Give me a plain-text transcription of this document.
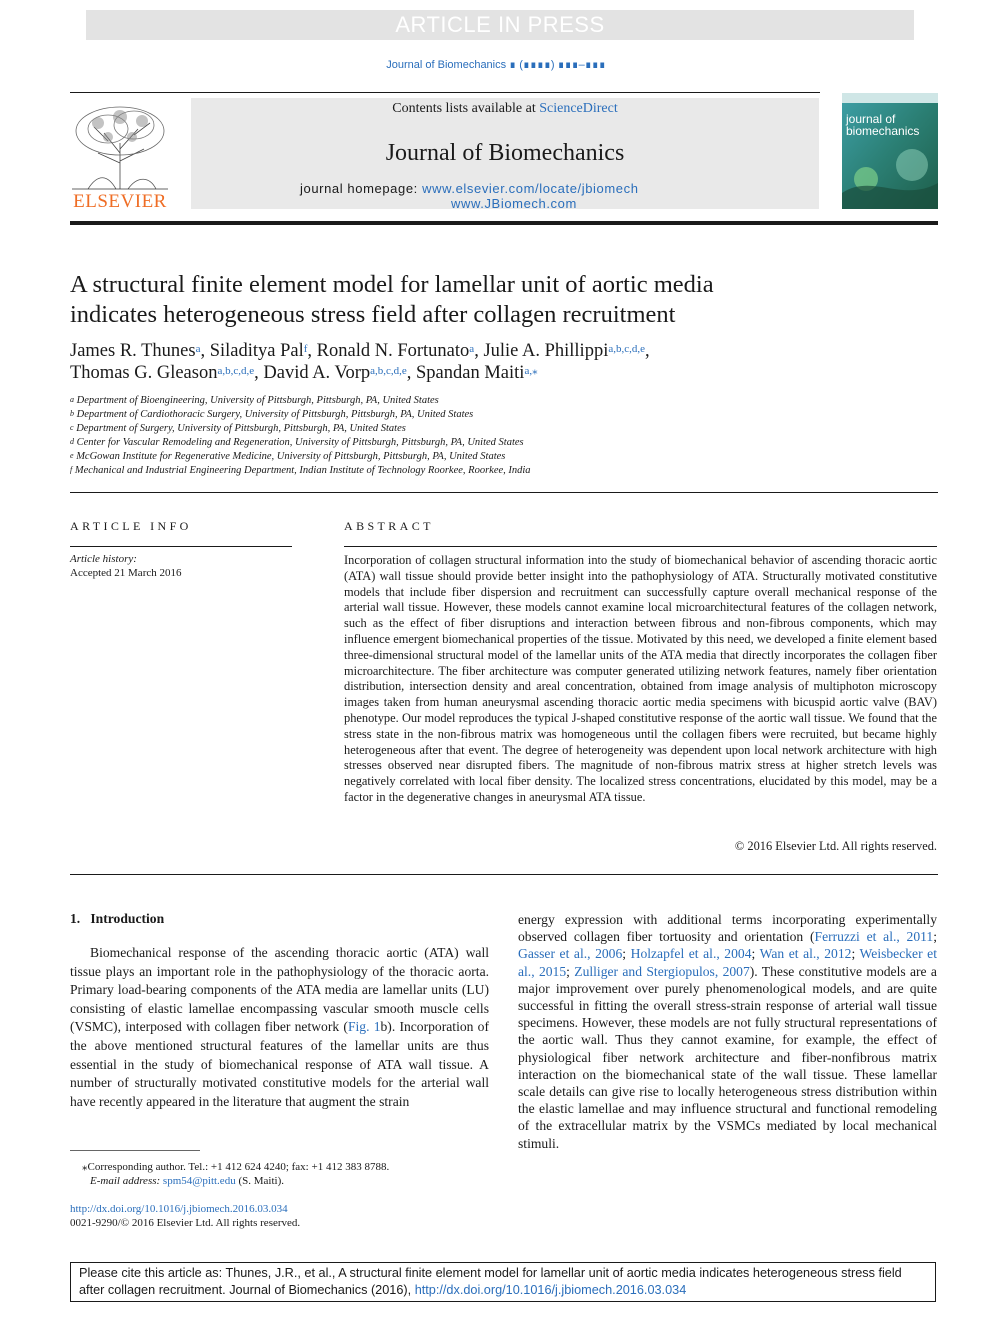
ARTICLE IN PRESS
Journal of Biomechanics ∎ (∎∎∎∎) ∎∎∎–∎∎∎
ELSEVIER
Contents lists available at ScienceDirect
Journal of Biomechanics
journal homepage: www.elsevier.com/locate/jbiomech
www.JBiomech.com
journal of biomechanics
A structural finite element model for lamellar unit of aortic media
indicates heterogeneous stress field after collagen recruitment
James R. Thunes$^a$, Siladitya Pal$^f$, Ronald N. Fortunato$^a$, Julie A. Phillippi$^{a,b,c,d,e}$,
Thomas G. Gleason$^{a,b,c,d,e}$, David A. Vorp$^{a,b,c,d,e}$, Spandan Maiti$^{a,⁎}$
$^a$ Department of Bioengineering, University of Pittsburgh, Pittsburgh, PA, United States
$^b$ Department of Cardiothoracic Surgery, University of Pittsburgh, Pittsburgh, PA, United States
$^c$ Department of Surgery, University of Pittsburgh, Pittsburgh, PA, United States
$^d$ Center for Vascular Remodeling and Regeneration, University of Pittsburgh, Pittsburgh, PA, United States
$^e$ McGowan Institute for Regenerative Medicine, University of Pittsburgh, Pittsburgh, PA, United States
$^f$ Mechanical and Industrial Engineering Department, Indian Institute of Technology Roorkee, Roorkee, India
ARTICLE INFO
Article history:
Accepted 21 March 2016
ABSTRACT
Incorporation of collagen structural information into the study of biomechanical behavior of ascending thoracic aortic (ATA) wall tissue should provide better insight into the pathophysiology of ATA. Structurally motivated constitutive models that include fiber dispersion and recruitment can successfully capture overall mechanical response of the arterial wall tissue. However, these models cannot examine local microarchitectural features of the collagen network, such as the effect of fiber disruptions and interaction between fibrous and non-fibrous components, which may influence emergent biomechanical properties of the tissue. Motivated by this need, we developed a finite element based three-dimensional structural model of the lamellar units of the ATA media that directly incorporates the collagen fiber microarchitecture. The fiber architecture was computer generated utilizing network features, namely fiber orientation distribution, intersection density and areal concentration, obtained from image analysis of multiphoton microscopy images taken from human aneurysmal ascending thoracic aortic media specimens with bicuspid aortic valve (BAV) phenotype. Our model reproduces the typical J-shaped constitutive response of the aortic wall tissue. We found that the stress state in the non-fibrous matrix was homogeneous until the collagen fibers were recruited, but became highly heterogeneous after that event. The degree of heterogeneity was dependent upon local network architecture with high stresses observed near disrupted fibers. The magnitude of non-fibrous matrix stress at higher stretch levels was negatively correlated with local fiber density. The localized stress concentrations, elucidated by this model, may be a factor in the degenerative changes in aneurysmal ATA tissue.
© 2016 Elsevier Ltd. All rights reserved.
1.   Introduction
Biomechanical response of the ascending thoracic aortic (ATA) wall tissue plays an important role in the pathophysiology of the thoracic aorta. Primary load-bearing components of the ATA media are lamellar units (LU) consisting of elastic lamellae encompassing vascular smooth muscle cells (VSMC), interposed with collagen fiber network (Fig. 1b). Incorporation of the above mentioned structural features of the lamellar units are thus essential in the study of biomechanical response of ATA wall tissue. A number of structurally motivated constitutive models for the arterial wall have recently appeared in the literature that augment the strain
energy expression with additional terms incorporating experimentally observed collagen fiber tortuosity and orientation (Ferruzzi et al., 2011; Gasser et al., 2006; Holzapfel et al., 2004; Wan et al., 2012; Weisbecker et al., 2015; Zulliger and Stergiopulos, 2007). These constitutive models are a major improvement over purely phenomenological models, and are quite successful in fitting the overall stress-strain response of arterial wall tissue specimens. However, these models are not fully structural representations of the aortic wall. Thus they cannot examine, for example, the effect of physiological fiber network architecture and fiber-nonfibrous matrix interaction on the biomechanical state of the wall tissue. These lamellar scale details can give rise to locally heterogeneous stress distribution within the elastic lamellae and may influence structural and functional remodeling of the extracellular matrix by the VSMCs mediated by local mechanical stimuli.
⁎Corresponding author. Tel.: +1 412 624 4240; fax: +1 412 383 8788.
E-mail address: spm54@pitt.edu (S. Maiti).
http://dx.doi.org/10.1016/j.jbiomech.2016.03.034
0021-9290/© 2016 Elsevier Ltd. All rights reserved.
Please cite this article as: Thunes, J.R., et al., A structural finite element model for lamellar unit of aortic media indicates heterogeneous stress field after collagen recruitment. Journal of Biomechanics (2016), http://dx.doi.org/10.1016/j.jbiomech.2016.03.034
